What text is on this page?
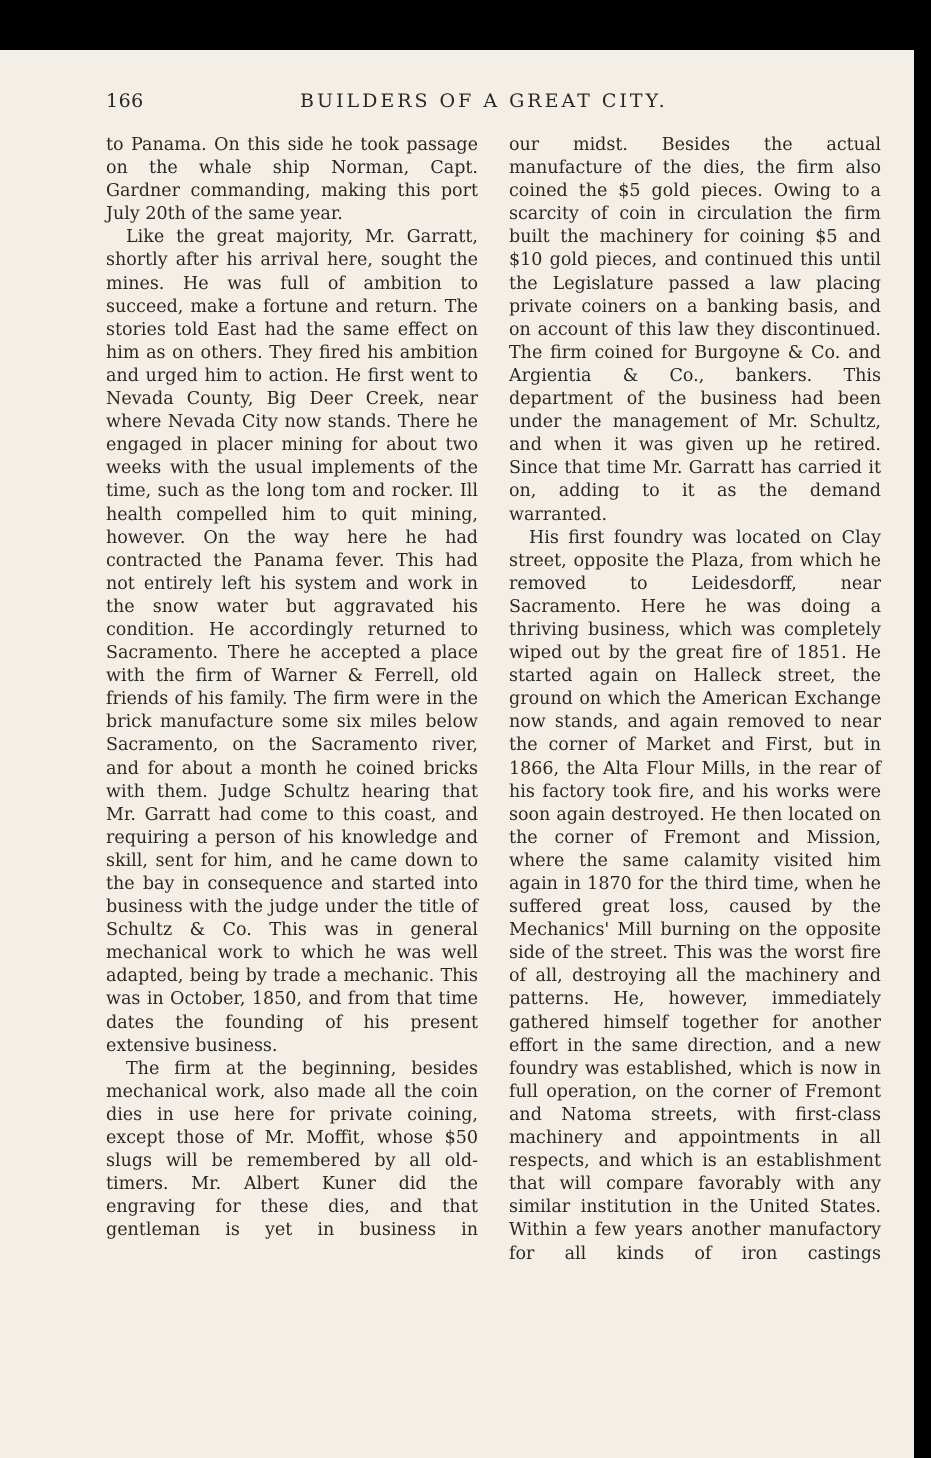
166	BUILDERS OF A GREAT CITY.

to Panama. On this side he took passage on the whale ship Norman, Capt. Gardner commanding, making this port July 20th of the same year.

Like the great majority, Mr. Garratt, shortly after his arrival here, sought the mines. He was full of ambition to succeed, make a fortune and return. The stories told East had the same effect on him as on others. They fired his ambition and urged him to action. He first went to Nevada County, Big Deer Creek, near where Nevada City now stands. There he engaged in placer mining for about two weeks with the usual implements of the time, such as the long tom and rocker. Ill health compelled him to quit mining, however. On the way here he had contracted the Panama fever. This had not entirely left his system and work in the snow water but aggravated his condition. He accordingly returned to Sacramento. There he accepted a place with the firm of Warner & Ferrell, old friends of his family. The firm were in the brick manufacture some six miles below Sacramento, on the Sacramento river, and for about a month he coined bricks with them. Judge Schultz hearing that Mr. Garratt had come to this coast, and requiring a person of his knowledge and skill, sent for him, and he came down to the bay in consequence and started into business with the judge under the title of Schultz & Co. This was in general mechanical work to which he was well adapted, being by trade a mechanic. This was in October, 1850, and from that time dates the founding of his present extensive business.

The firm at the beginning, besides mechanical work, also made all the coin dies in use here for private coining, except those of Mr. Moffit, whose $50 slugs will be remembered by all old-timers. Mr. Albert Kuner did the engraving for these dies, and that gentleman is yet in business in

our midst. Besides the actual manufacture of the dies, the firm also coined the $5 gold pieces. Owing to a scarcity of coin in circulation the firm built the machinery for coining $5 and $10 gold pieces, and continued this until the Legislature passed a law placing private coiners on a banking basis, and on account of this law they discontinued. The firm coined for Burgoyne & Co. and Argientia & Co., bankers. This department of the business had been under the management of Mr. Schultz, and when it was given up he retired. Since that time Mr. Garratt has carried it on, adding to it as the demand warranted.

His first foundry was located on Clay street, opposite the Plaza, from which he removed to Leidesdorff, near Sacramento. Here he was doing a thriving business, which was completely wiped out by the great fire of 1851. He started again on Halleck street, the ground on which the American Exchange now stands, and again removed to near the corner of Market and First, but in 1866, the Alta Flour Mills, in the rear of his factory took fire, and his works were soon again destroyed. He then located on the corner of Fremont and Mission, where the same calamity visited him again in 1870 for the third time, when he suffered great loss, caused by the Mechanics' Mill burning on the opposite side of the street. This was the worst fire of all, destroying all the machinery and patterns. He, however, immediately gathered himself together for another effort in the same direction, and a new foundry was established, which is now in full operation, on the corner of Fremont and Natoma streets, with first-class machinery and appointments in all respects, and which is an establishment that will compare favorably with any similar institution in the United States. Within a few years another manufactory for all kinds of iron castings
